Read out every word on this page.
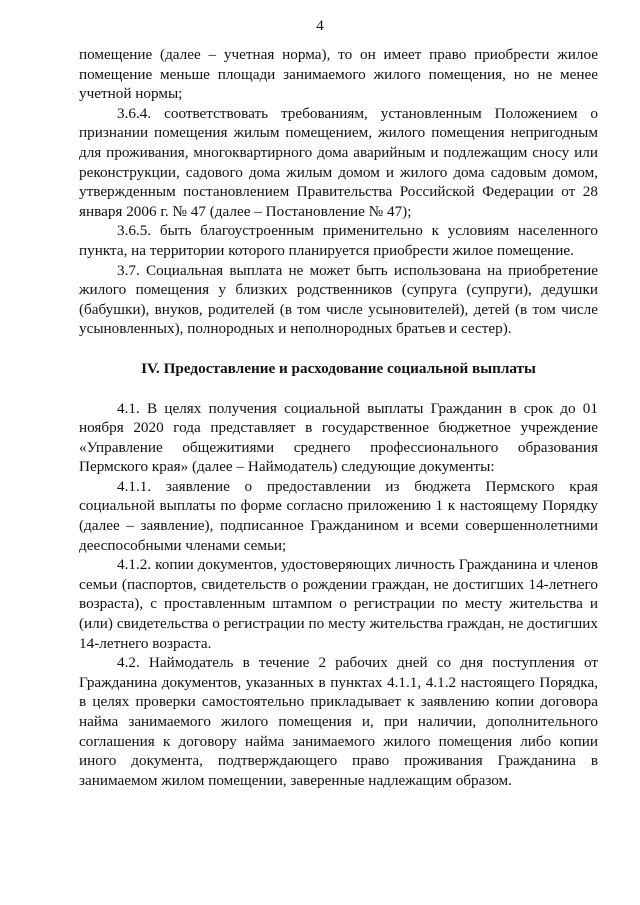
4

помещение (далее – учетная норма), то он имеет право приобрести жилое помещение меньше площади занимаемого жилого помещения, но не менее учетной нормы;

3.6.4. соответствовать требованиям, установленным Положением о признании помещения жилым помещением, жилого помещения непригодным для проживания, многоквартирного дома аварийным и подлежащим сносу или реконструкции, садового дома жилым домом и жилого дома садовым домом, утвержденным постановлением Правительства Российской Федерации от 28 января 2006 г. № 47 (далее – Постановление № 47);

3.6.5. быть благоустроенным применительно к условиям населенного пункта, на территории которого планируется приобрести жилое помещение.

3.7. Социальная выплата не может быть использована на приобретение жилого помещения у близких родственников (супруга (супруги), дедушки (бабушки), внуков, родителей (в том числе усыновителей), детей (в том числе усыновленных), полнородных и неполнородных братьев и сестер).

IV. Предоставление и расходование социальной выплаты

4.1. В целях получения социальной выплаты Гражданин в срок до 01 ноября 2020 года представляет в государственное бюджетное учреждение «Управление общежитиями среднего профессионального образования Пермского края» (далее – Наймодатель) следующие документы:

4.1.1. заявление о предоставлении из бюджета Пермского края социальной выплаты по форме согласно приложению 1 к настоящему Порядку (далее – заявление), подписанное Гражданином и всеми совершеннолетними дееспособными членами семьи;

4.1.2. копии документов, удостоверяющих личность Гражданина и членов семьи (паспортов, свидетельств о рождении граждан, не достигших 14-летнего возраста), с проставленным штампом о регистрации по месту жительства и (или) свидетельства о регистрации по месту жительства граждан, не достигших 14-летнего возраста.

4.2. Наймодатель в течение 2 рабочих дней со дня поступления от Гражданина документов, указанных в пунктах 4.1.1, 4.1.2 настоящего Порядка, в целях проверки самостоятельно прикладывает к заявлению копии договора найма занимаемого жилого помещения и, при наличии, дополнительного соглашения к договору найма занимаемого жилого помещения либо копии иного документа, подтверждающего право проживания Гражданина в занимаемом жилом помещении, заверенные надлежащим образом.
